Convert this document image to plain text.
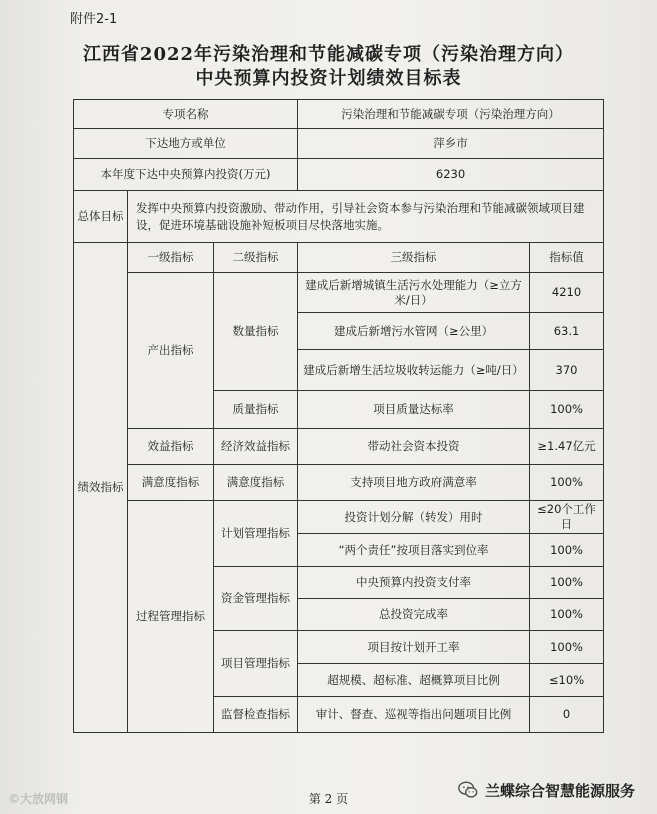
附件2-1
江西省2022年污染治理和节能减碳专项（污染治理方向）
中央预算内投资计划绩效目标表
专项名称			污染治理和节能减碳专项（污染治理方向）	
下达地方或单位			萍乡市	
本年度下达中央预算内投资(万元)			6230	
总体目标	发挥中央预算内投资激励、带动作用，引导社会资本参与污染治理和节能减碳领域项目建设，促进环境基础设施补短板项目尽快落地实施。			
绩效指标	一级指标	二级指标	三级指标	指标值
	产出指标	数量指标	建成后新增城镇生活污水处理能力（≥立方米/日）	4210
			建成后新增污水管网（≥公里）	63.1
			建成后新增生活垃圾收转运能力（≥吨/日）	370
		质量指标	项目质量达标率	100%
	效益指标	经济效益指标	带动社会资本投资	≥1.47亿元
	满意度指标	满意度指标	支持项目地方政府满意率	100%
	过程管理指标	计划管理指标	投资计划分解（转发）用时	≤20个工作日
			“两个责任”按项目落实到位率	100%
		资金管理指标	中央预算内投资支付率	100%
			总投资完成率	100%
		项目管理指标	项目按计划开工率	100%
			超规模、超标准、超概算项目比例	≤10%
		监督检查指标	审计、督查、巡视等指出问题项目比例	0
第 2 页
©大放网钢	兰蝶综合智慧能源服务
